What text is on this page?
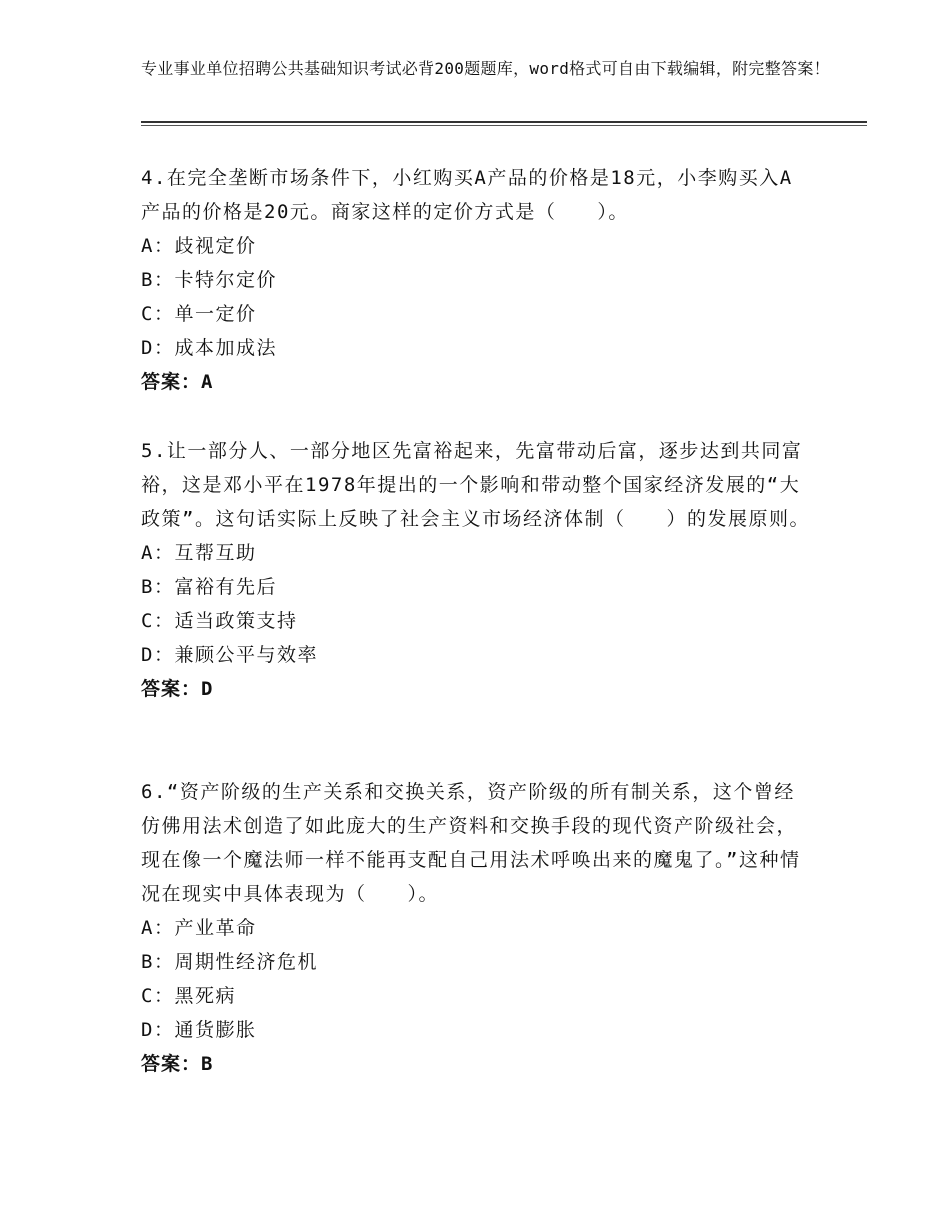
专业事业单位招聘公共基础知识考试必背200题题库，word格式可自由下载编辑，附完整答案！
4.在完全垄断市场条件下，小红购买A产品的价格是18元，小李购买入A产品的价格是20元。商家这样的定价方式是（　　）。
A：歧视定价
B：卡特尔定价
C：单一定价
D：成本加成法
答案：A
5.让一部分人、一部分地区先富裕起来，先富带动后富，逐步达到共同富裕，这是邓小平在1978年提出的一个影响和带动整个国家经济发展的“大政策”。这句话实际上反映了社会主义市场经济体制（　　）的发展原则。
A：互帮互助
B：富裕有先后
C：适当政策支持
D：兼顾公平与效率
答案：D
6.“资产阶级的生产关系和交换关系，资产阶级的所有制关系，这个曾经仿佛用法术创造了如此庞大的生产资料和交换手段的现代资产阶级社会，现在像一个魔法师一样不能再支配自己用法术呼唤出来的魔鬼了。”这种情况在现实中具体表现为（　　）。
A：产业革命
B：周期性经济危机
C：黑死病
D：通货膨胀
答案：B
